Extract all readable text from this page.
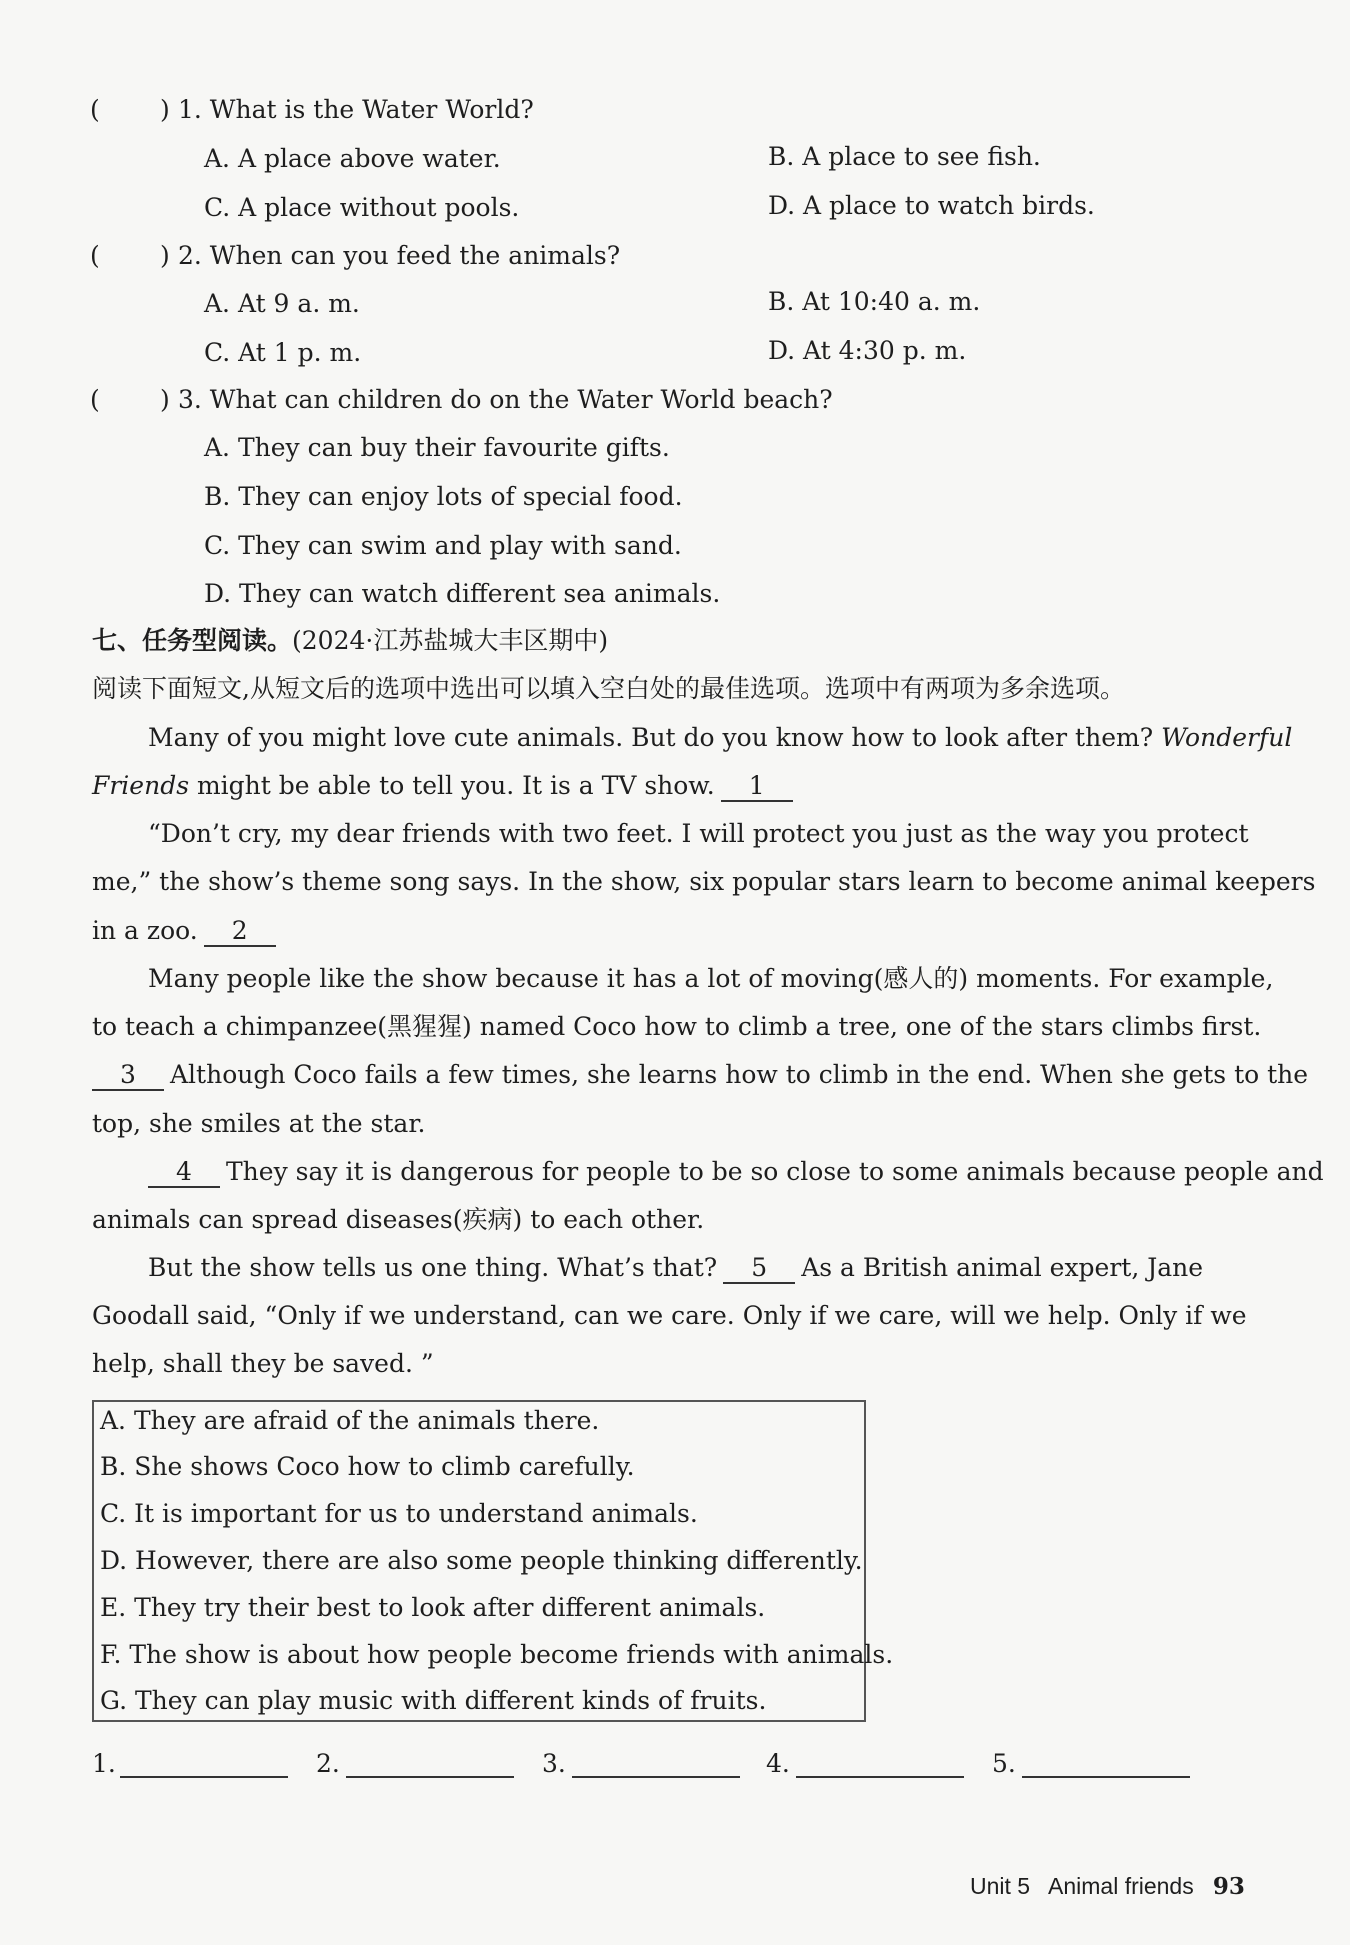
( ) 1. What is the Water World?
A. A place above water.	B. A place to see fish.
C. A place without pools.	D. A place to watch birds.
( ) 2. When can you feed the animals?
A. At 9 a. m.	B. At 10:40 a. m.
C. At 1 p. m.	D. At 4:30 p. m.
( ) 3. What can children do on the Water World beach?
A. They can buy their favourite gifts.
B. They can enjoy lots of special food.
C. They can swim and play with sand.
D. They can watch different sea animals.
七、任务型阅读。(2024·江苏盐城大丰区期中)
阅读下面短文,从短文后的选项中选出可以填入空白处的最佳选项。选项中有两项为多余选项。
Many of you might love cute animals. But do you know how to look after them? Wonderful
Friends might be able to tell you. It is a TV show. 1
“Don’t cry, my dear friends with two feet. I will protect you just as the way you protect
me,” the show’s theme song says. In the show, six popular stars learn to become animal keepers
in a zoo. 2
Many people like the show because it has a lot of moving(感人的) moments. For example,
to teach a chimpanzee(黑猩猩) named Coco how to climb a tree, one of the stars climbs first.
3 Although Coco fails a few times, she learns how to climb in the end. When she gets to the
top, she smiles at the star.
4 They say it is dangerous for people to be so close to some animals because people and
animals can spread diseases(疾病) to each other.
But the show tells us one thing. What’s that? 5 As a British animal expert, Jane
Goodall said, “Only if we understand, can we care. Only if we care, will we help. Only if we
help, shall they be saved. ”
A. They are afraid of the animals there.
B. She shows Coco how to climb carefully.
C. It is important for us to understand animals.
D. However, there are also some people thinking differently.
E. They try their best to look after different animals.
F. The show is about how people become friends with animals.
G. They can play music with different kinds of fruits.
1.	2.	3.	4.	5.
Unit 5 Animal friends 93
